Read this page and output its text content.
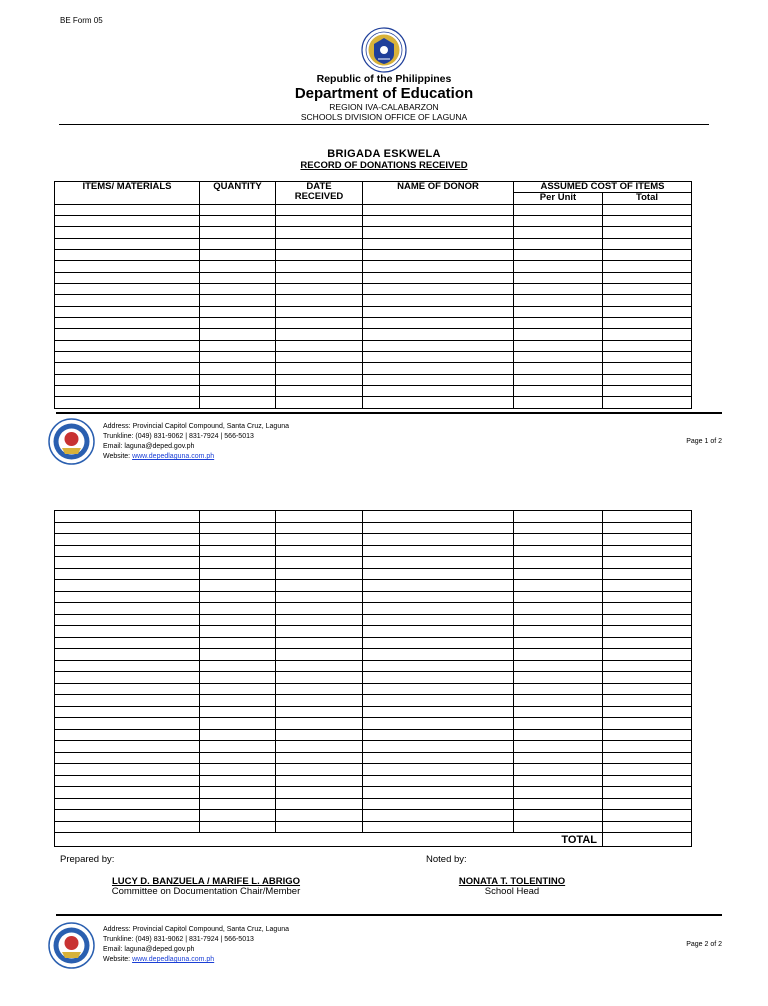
BE Form 05
Republic of the Philippines
Department of Education
REGION IVA-CALABARZON
SCHOOLS DIVISION OFFICE OF LAGUNA
BRIGADA ESKWELA
RECORD OF DONATIONS RECEIVED
ITEMS/ MATERIALS	QUANTITY	DATE RECEIVED	NAME OF DONOR	ASSUMED COST OF ITEMS	
				Per Unit	Total

Address: Provincial Capitol Compound, Santa Cruz, Laguna
Trunkline: (049) 831-9062 | 831-7924 | 566-5013
Email: laguna@deped.gov.ph
Website: www.depedlaguna.com.ph
Page 1 of 2

TOTAL					
Prepared by:	Noted by:
LUCY D. BANZUELA / MARIFE L. ABRIGO
Committee on Documentation Chair/Member
NONATA T. TOLENTINO
School Head
Address: Provincial Capitol Compound, Santa Cruz, Laguna
Trunkline: (049) 831-9062 | 831-7924 | 566-5013
Email: laguna@deped.gov.ph
Website: www.depedlaguna.com.ph
Page 2 of 2
